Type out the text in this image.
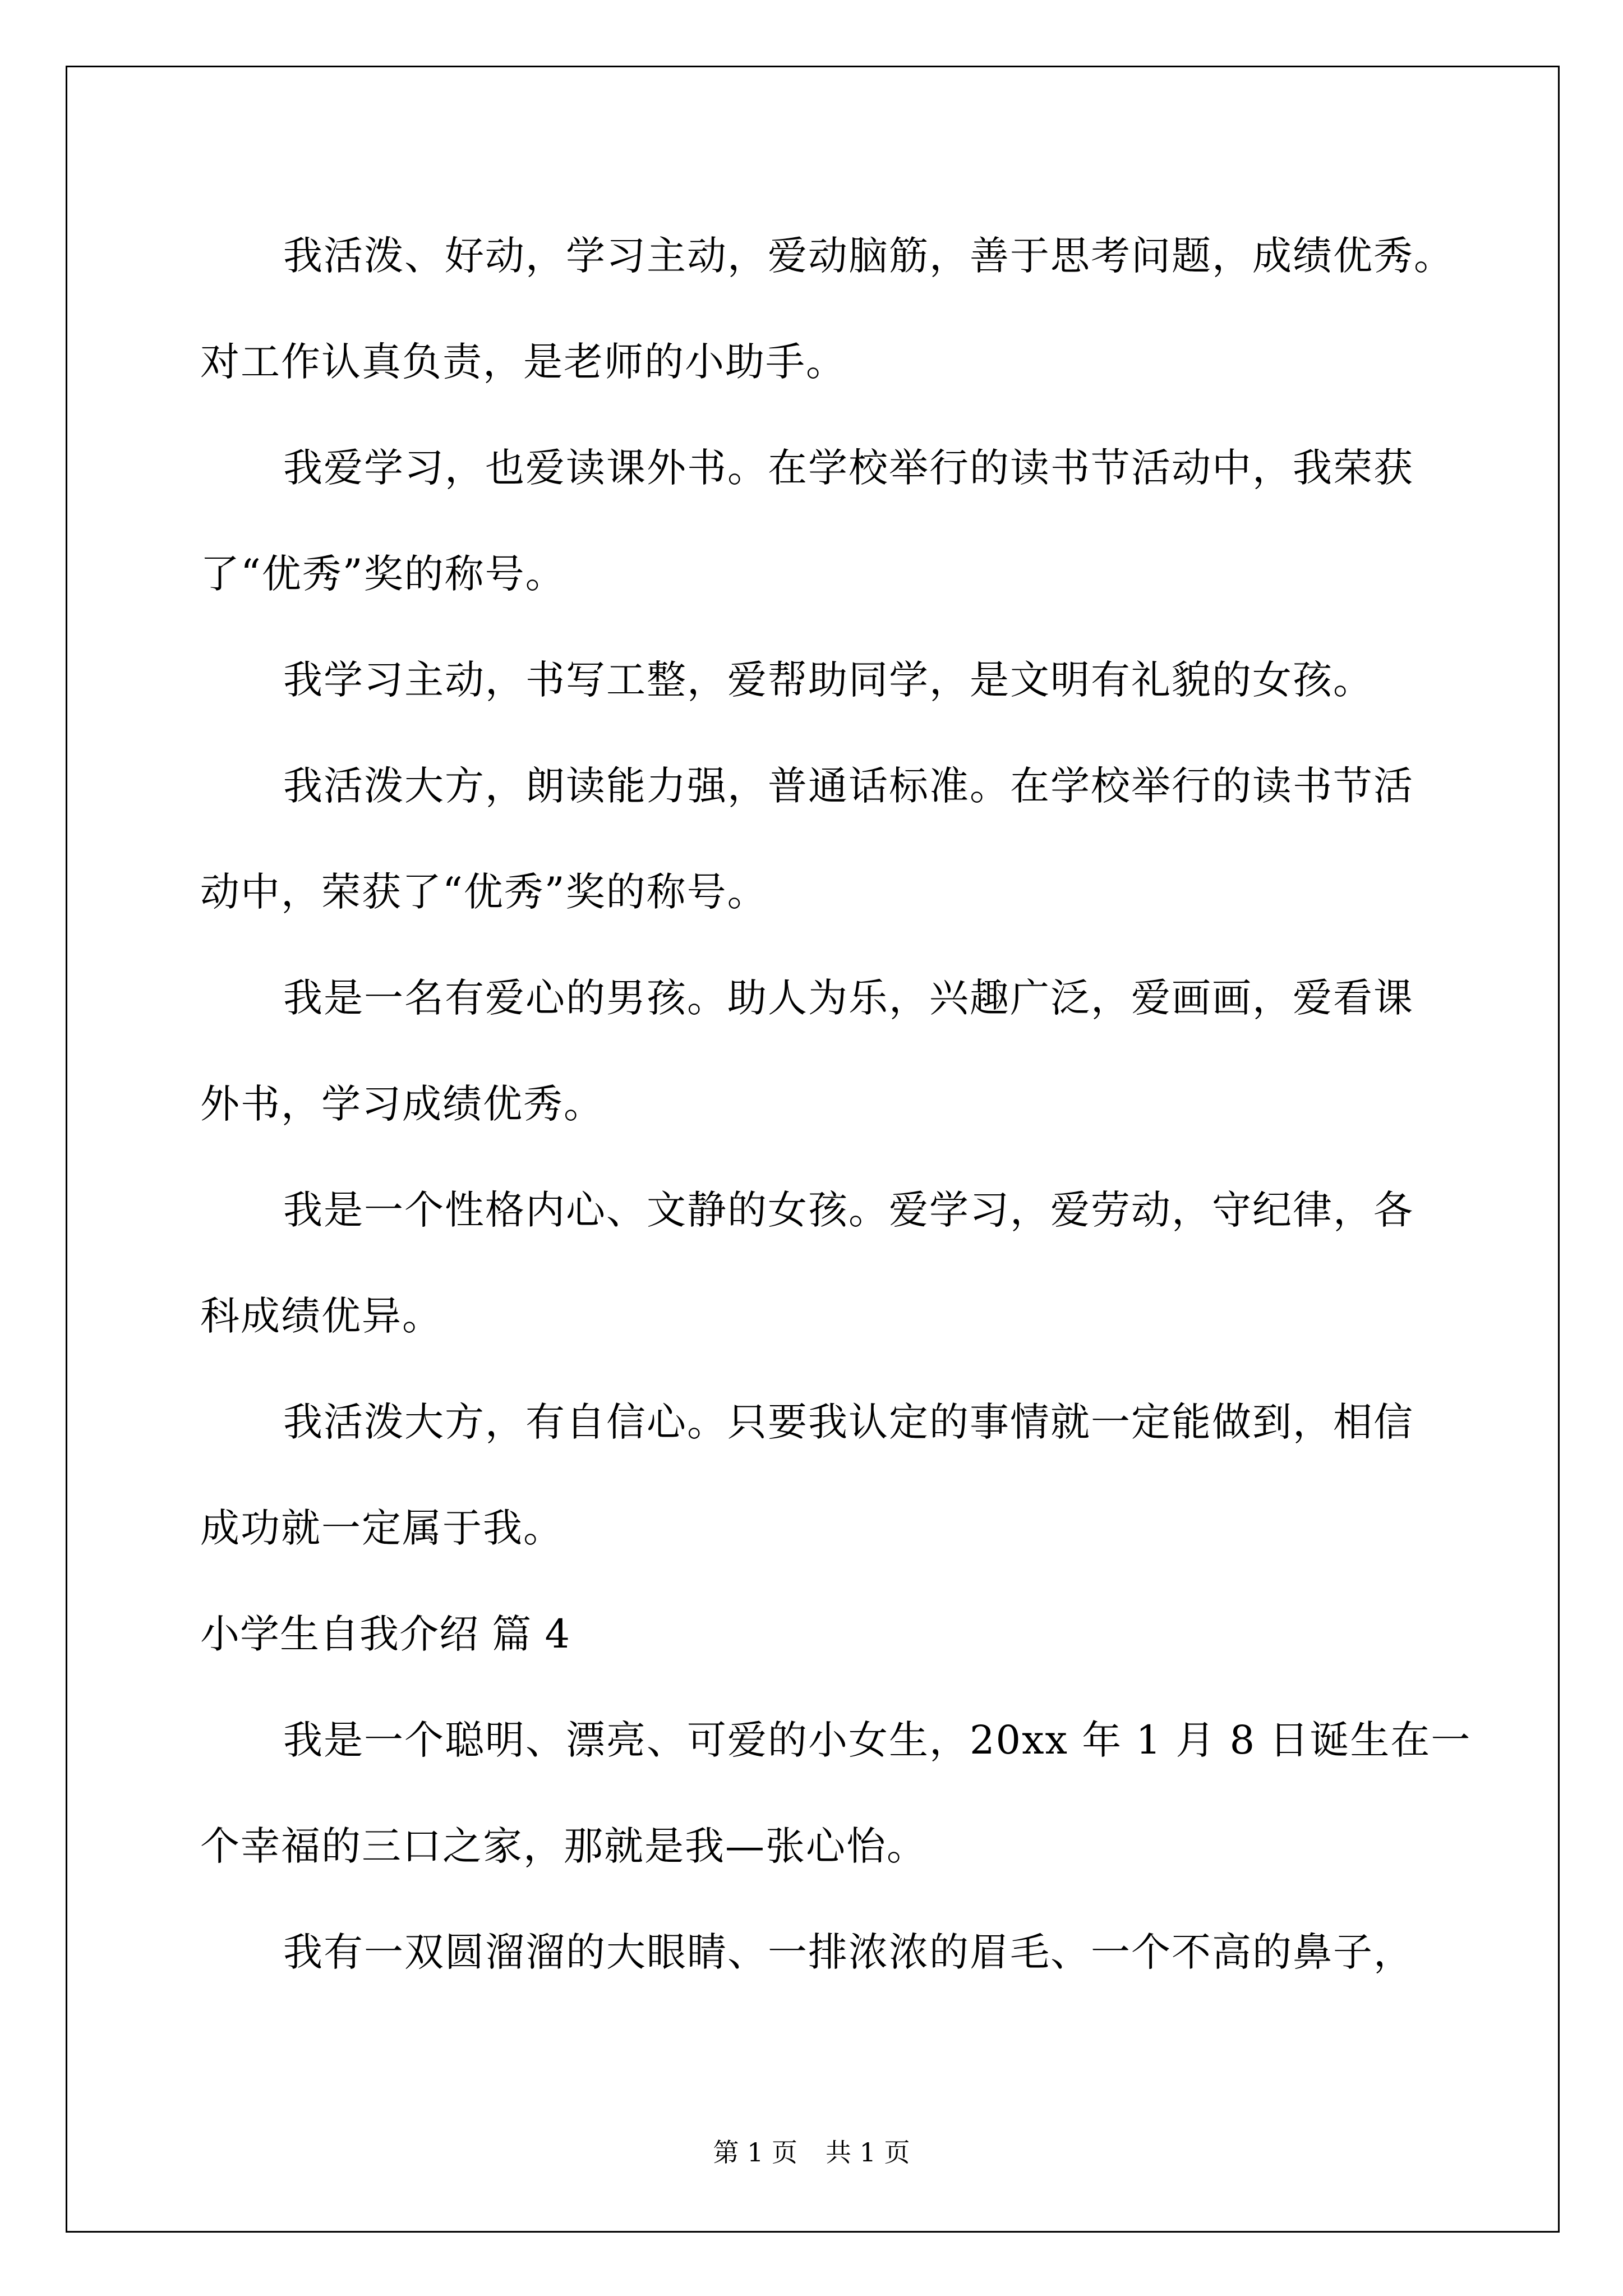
我活泼、好动，学习主动，爱动脑筋，善于思考问题，成绩优秀。
对工作认真负责，是老师的小助手。
我爱学习，也爱读课外书。在学校举行的读书节活动中，我荣获
了“优秀”奖的称号。
我学习主动，书写工整，爱帮助同学，是文明有礼貌的女孩。
我活泼大方，朗读能力强，普通话标准。在学校举行的读书节活
动中，荣获了“优秀”奖的称号。
我是一名有爱心的男孩。助人为乐，兴趣广泛，爱画画，爱看课
外书，学习成绩优秀。
我是一个性格内心、文静的女孩。爱学习，爱劳动，守纪律，各
科成绩优异。
我活泼大方，有自信心。只要我认定的事情就一定能做到，相信
成功就一定属于我。
小学生自我介绍 篇 4
我是一个聪明、漂亮、可爱的小女生，20xx 年 1 月 8 日诞生在一
个幸福的三口之家，那就是我—张心怡。
我有一双圆溜溜的大眼睛、一排浓浓的眉毛、一个不高的鼻子，
第 1 页 共 1 页
